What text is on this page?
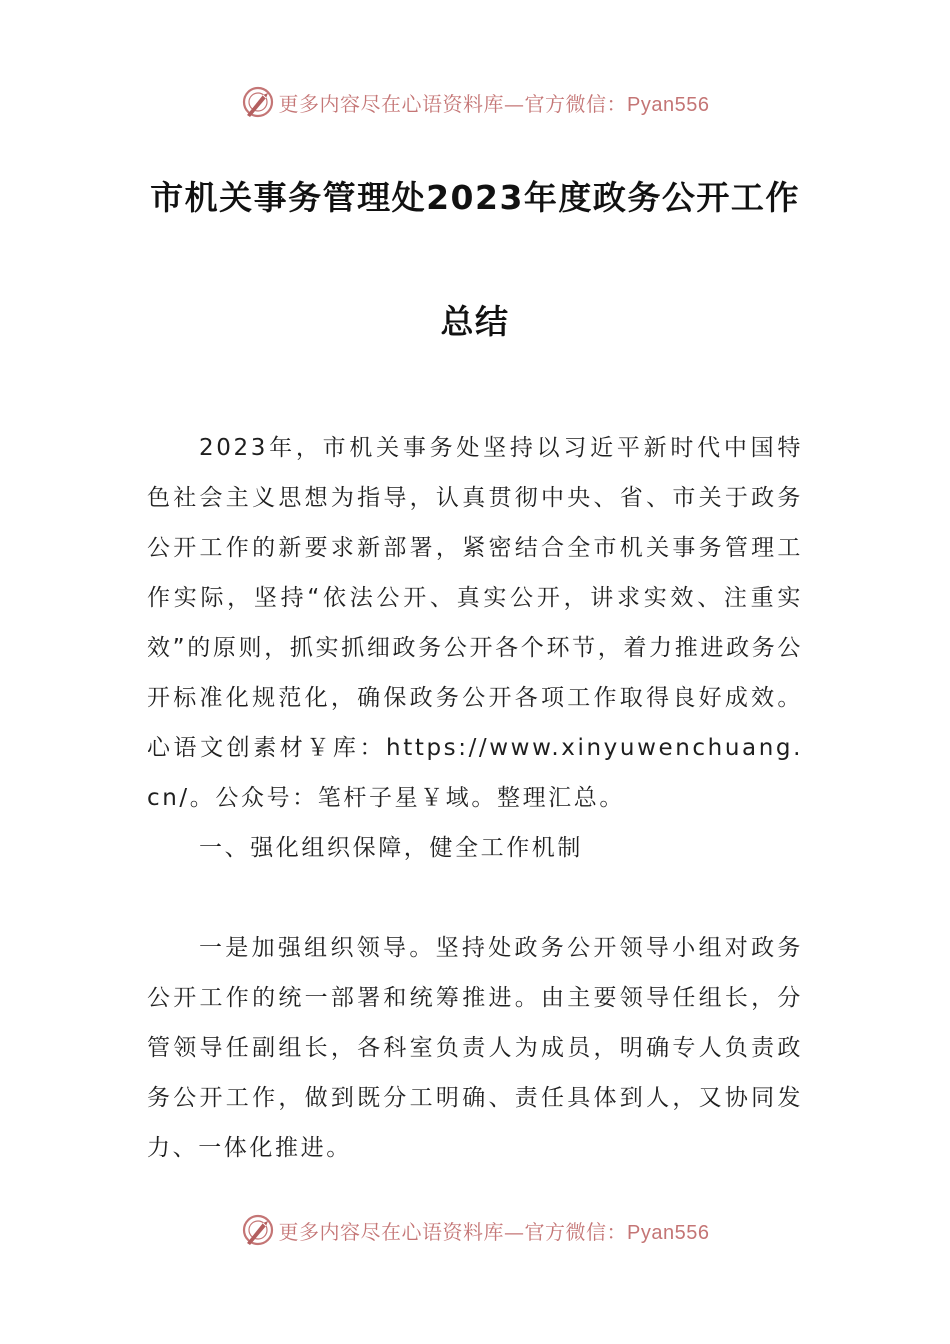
更多内容尽在心语资料库—官方微信：Pyan556
市机关事务管理处2023年度政务公开工作
总结

2023年，市机关事务处坚持以习近平新时代中国特色社会主义思想为指导，认真贯彻中央、省、市关于政务公开工作的新要求新部署，紧密结合全市机关事务管理工作实际，坚持“依法公开、真实公开，讲求实效、注重实效”的原则，抓实抓细政务公开各个环节，着力推进政务公开标准化规范化，确保政务公开各项工作取得良好成效。心语文创素材￥库：https://www.xinyuwenchuang.cn/。公众号：笔杆子星￥域。整理汇总。

一、强化组织保障，健全工作机制

一是加强组织领导。坚持处政务公开领导小组对政务公开工作的统一部署和统筹推进。由主要领导任组长，分管领导任副组长，各科室负责人为成员，明确专人负责政务公开工作，做到既分工明确、责任具体到人，又协同发力、一体化推进。

更多内容尽在心语资料库—官方微信：Pyan556
